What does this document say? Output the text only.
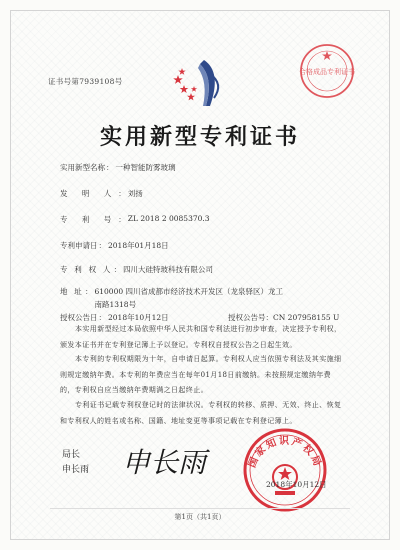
证书号第7939108号
合格成品专利证书
实用新型专利证书
实用新型名称 ： 一种智能防雾玻璃
发 明 人 ： 刘扬
专 利 号 ： ZL 2018 2 0085370.3
专利申请日 ： 2018年01月18日
专 利 权 人 ： 四川大硅特玻科技有限公司
地 址 ： 610000 四川省成都市经济技术开发区（龙泉驿区）龙工
南路1318号
授权公告日 ： 2018年10月12日	授权公告号：CN 207958155 U
本实用新型经过本局依照中华人民共和国专利法进行初步审查，决定授予专利权，颁发本证书并在专利登记簿上予以登记。专利权自授权公告之日起生效。
本专利的专利权期限为十年，自申请日起算。专利权人应当依照专利法及其实施细则规定缴纳年费。本专利的年费应当在每年01月18日前缴纳。未按照规定缴纳年费的，专利权自应当缴纳年费期满之日起终止。
专利证书记载专利权登记时的法律状况。专利权的转移、质押、无效、终止、恢复和专利权人的姓名或名称、国籍、地址变更等事项记载在专利登记簿上。
局长
申长雨 申长雨	国家知识产权局
2018年10月12日
第1页（共1页）
